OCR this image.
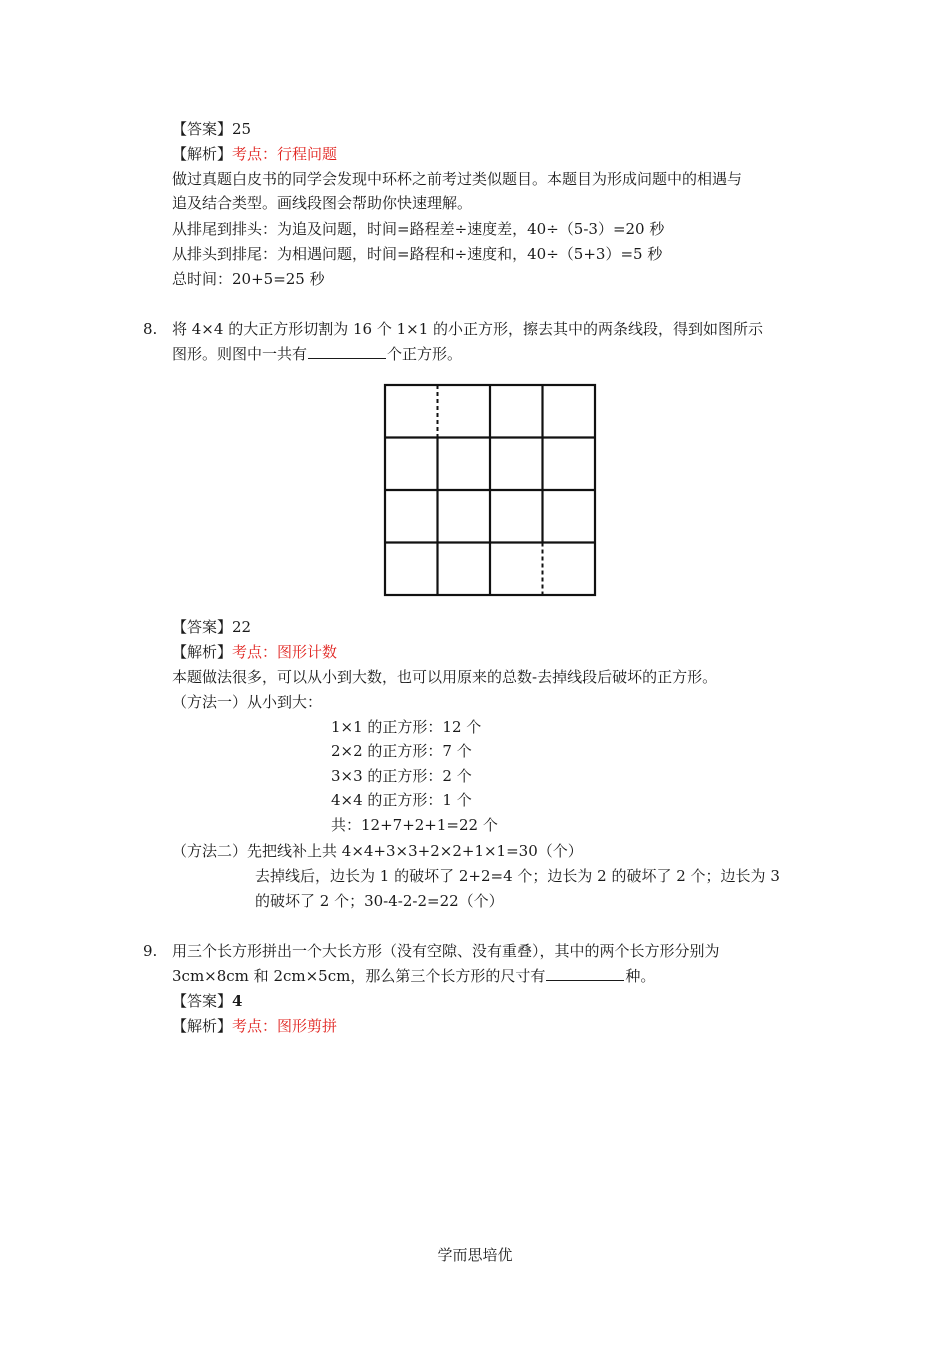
【答案】25
【解析】考点：行程问题
做过真题白皮书的同学会发现中环杯之前考过类似题目。本题目为形成问题中的相遇与
追及结合类型。画线段图会帮助你快速理解。
从排尾到排头：为追及问题，时间=路程差÷速度差，40÷（5-3）=20 秒
从排头到排尾：为相遇问题，时间=路程和÷速度和，40÷（5+3）=5 秒
总时间：20+5=25 秒
8. 将 4×4 的大正方形切割为 16 个 1×1 的小正方形，擦去其中的两条线段，得到如图所示
图形。则图中一共有	个正方形。
【答案】22
【解析】考点：图形计数
本题做法很多，可以从小到大数，也可以用原来的总数-去掉线段后破坏的正方形。
（方法一）从小到大：
1×1 的正方形：12 个
2×2 的正方形：7 个
3×3 的正方形：2 个
4×4 的正方形：1 个
共：12+7+2+1=22 个
（方法二）先把线补上共 4×4+3×3+2×2+1×1=30（个）
去掉线后，边长为 1 的破坏了 2+2=4 个；边长为 2 的破坏了 2 个；边长为 3
的破坏了 2 个；30-4-2-2=22（个）
9. 用三个长方形拼出一个大长方形（没有空隙、没有重叠），其中的两个长方形分别为
3cm×8cm 和 2cm×5cm，那么第三个长方形的尺寸有	种。
【答案】4
【解析】考点：图形剪拼
学而思培优
